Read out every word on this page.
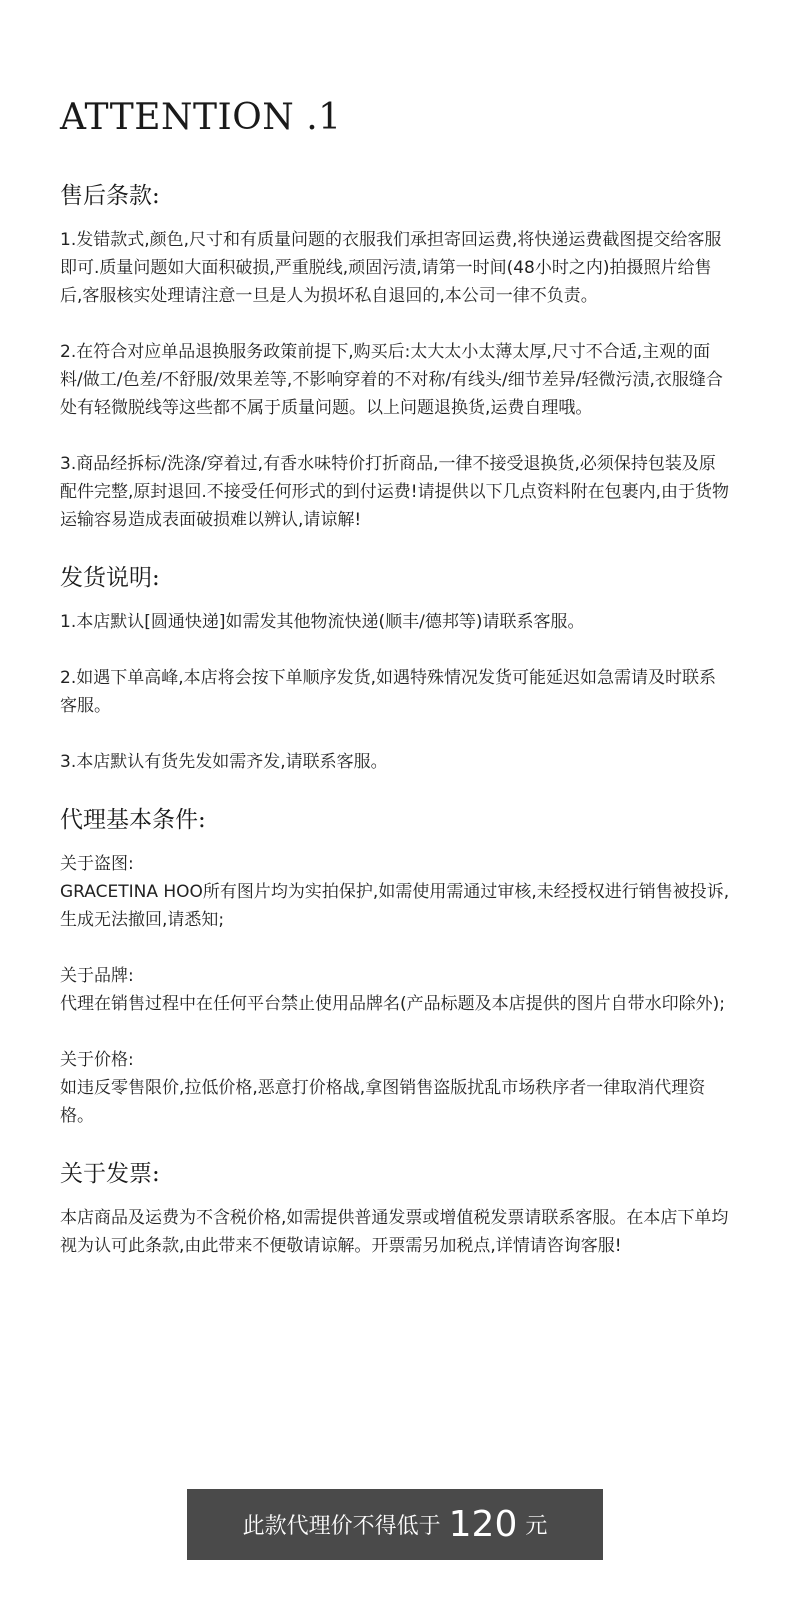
ATTENTION .1
售后条款:

1.发错款式,颜色,尺寸和有质量问题的衣服我们承担寄回运费,将快递运费截图提交给客服即可.质量问题如大面积破损,严重脱线,顽固污渍,请第一时间(48小时之内)拍摄照片给售后,客服核实处理请注意一旦是人为损坏私自退回的,本公司一律不负责。

2.在符合对应单品退换服务政策前提下,购买后:太大太小太薄太厚,尺寸不合适,主观的面料/做工/色差/不舒服/效果差等,不影响穿着的不对称/有线头/细节差异/轻微污渍,衣服缝合处有轻微脱线等这些都不属于质量问题。以上问题退换货,运费自理哦。

3.商品经拆标/洗涤/穿着过,有香水味特价打折商品,一律不接受退换货,必须保持包装及原配件完整,原封退回.不接受任何形式的到付运费!请提供以下几点资料附在包裹内,由于货物运输容易造成表面破损难以辨认,请谅解!

发货说明:

1.本店默认[圆通快递]如需发其他物流快递(顺丰/德邦等)请联系客服。

2.如遇下单高峰,本店将会按下单顺序发货,如遇特殊情况发货可能延迟如急需请及时联系客服。

3.本店默认有货先发如需齐发,请联系客服。

代理基本条件:

关于盗图:
GRACETINA HOO所有图片均为实拍保护,如需使用需通过审核,未经授权进行销售被投诉,生成无法撤回,请悉知;

关于品牌:
代理在销售过程中在任何平台禁止使用品牌名(产品标题及本店提供的图片自带水印除外);

关于价格:
如违反零售限价,拉低价格,恶意打价格战,拿图销售盗版扰乱市场秩序者一律取消代理资格。

关于发票:

本店商品及运费为不含税价格,如需提供普通发票或增值税发票请联系客服。在本店下单均视为认可此条款,由此带来不便敬请谅解。开票需另加税点,详情请咨询客服!

此款代理价不得低于 120 元
